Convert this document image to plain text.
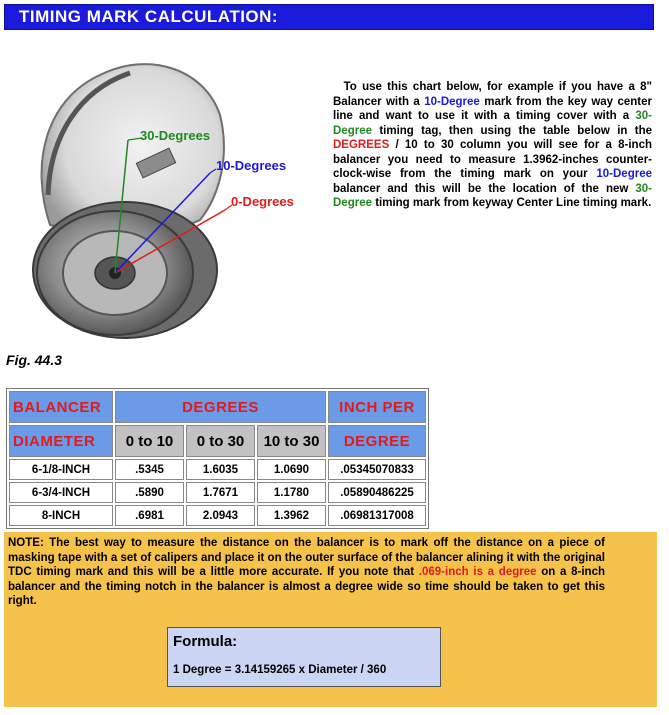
TIMING MARK CALCULATION:
30-Degrees
10-Degrees
0-Degrees
To use this chart below, for example if you have a 8" Balancer with a 10-Degree mark from the key way center line and want to use it with a timing cover with a 30-Degree timing tag, then using the table below in the DEGREES / 10 to 30 column you will see for a 8-inch balancer you need to measure 1.3962-inches counter-clock-wise from the timing mark on your 10-Degree balancer and this will be the location of the new 30-Degree timing mark from keyway Center Line timing mark.
Fig. 44.3
BALANCER	DEGREES			INCH PER
DIAMETER	0 to 10	0 to 30	10 to 30	DEGREE
6-1/8-INCH	.5345	1.6035	1.0690	.05345070833
6-3/4-INCH	.5890	1.7671	1.1780	.05890486225
8-INCH	.6981	2.0943	1.3962	.06981317008
NOTE: The best way to measure the distance on the balancer is to mark off the distance on a piece of masking tape with a set of calipers and place it on the outer surface of the balancer alining it with the original TDC timing mark and this will be a little more accurate. If you note that .069-inch is a degree on a 8-inch balancer and the timing notch in the balancer is almost a degree wide so time should be taken to get this right.
Formula:
1 Degree = 3.14159265 x Diameter / 360
